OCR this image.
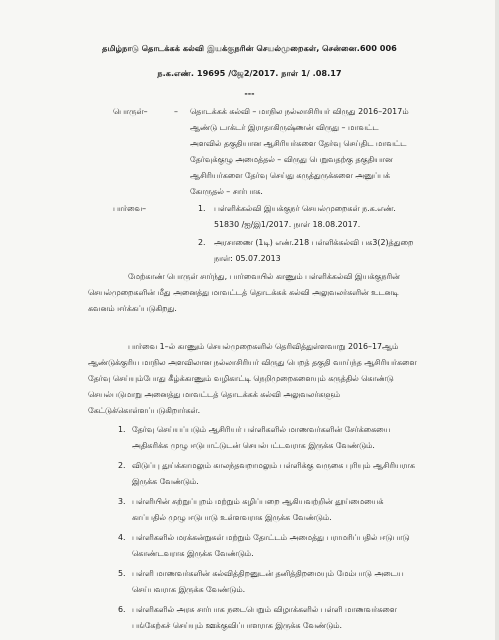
தமிழ்நாடு தொடக்கக் கல்வி இயக்குநரின் செயல்முறைகள், சென்னை.600 006
ந.க.எண். 19695 /ஜே2/2017. நாள் 1/ .08.17
---
பொருள்–	– தொடக்கக் கல்வி – மாநில நல்லாசிரியர் விருது 2016–2017ம்
ஆண்டு டாக்டர் இராதாகிருஷ்ணன் விருது – மாவட்ட
அளவில் தகுதியான ஆசிரியர்களை தேர்வு செய்திட மாவட்ட
தேர்வுக்குழு அமைத்தல் – விருது பெறுவதற்கு தகுதியான
ஆசிரியர்களை தேர்வு செய்து கருத்துருக்களை அனுப்பக்
கோருதல் – சார்பாக.
பார்வை–	1. பள்ளிக்கல்வி இயக்குநர் செயல்முறைகள் ந.க.எண்.
51830 /ஐ/இ1/2017. நாள் 18.08.2017.
2. அரசாணை (1டி) எண்.218 பள்ளிக்கல்வி பக3(2)த்துறை
நாள்: 05.07.2013
மேற்காண் பொருள் சார்ந்து, பார்வையில் காணும் பள்ளிக்கல்வி இயக்குநரின்
செயல்முறைகளின் மீது அனைத்து மாவட்டத் தொடக்கக் கல்வி அலுவலர்களின் உடனடி
கவனம் ஈர்க்கப்படுகிறது.
பார்வை 1–ல் காணும் செயல்முறைகளில் தெரிவித்துள்ளவாறு 2016–17ஆம்
ஆண்டுக்குரிய மாநில அளவிலான நல்லாசிரியர் விருது பெறத் தகுதி வாய்ந்த ஆசிரியர்களை
தேர்வு செய்யும்போது கீழ்க்காணும் வழிகாட்டி நெறிமுறைகளையும் கருத்தில் கொண்டு
செயல்படுமாறு அனைத்து மாவட்டத் தொடக்கக் கல்வி அலுவலர்களும்
கேட்டுக்கொள்ளப்படுகிறார்கள்.
1. தேர்வு செய்யப்படும் ஆசிரியர் பள்ளிகளில் மாணவர்களின் சேர்க்கையை
அதிகரிக்க முழு ஈடுபாட்டுடன் செயல்பட்டவராக இருக்க வேண்டும்.
2. விடுப்பு துய்க்காமலும் காலந்தவறாமலும் பள்ளிக்கு வருகை புரியும் ஆசிரியராக
இருக்க வேண்டும்.
3. பள்ளியின் சுற்றுப்புறம் மற்றும் கழிப்பறை ஆகியவற்றின் தூய்மையைக்
காப்பதில் முழு ஈடுபாடு உள்ளவராக இருக்க வேண்டும்.
4. பள்ளிகளில் மரக்கன்றுகள் மற்றும் தோட்டம் அமைத்து பராமரிப்பதில் ஈடுபாடு
கொண்டவராக இருக்க வேண்டும்.
5. பள்ளி மாணவர்களின் கல்வித்திறனுடன் தனித்திறமையும் மேம்பாடு அடைய
செய்பவராக இருக்க வேண்டும்.
6. பள்ளிகளில் அரசு சார்பாக நடைபெறும் விழாக்களில் பள்ளி மாணவர்களை
பங்கேற்கச் செய்யும் ஊக்குவிப்பாளராக இருக்க வேண்டும்.
